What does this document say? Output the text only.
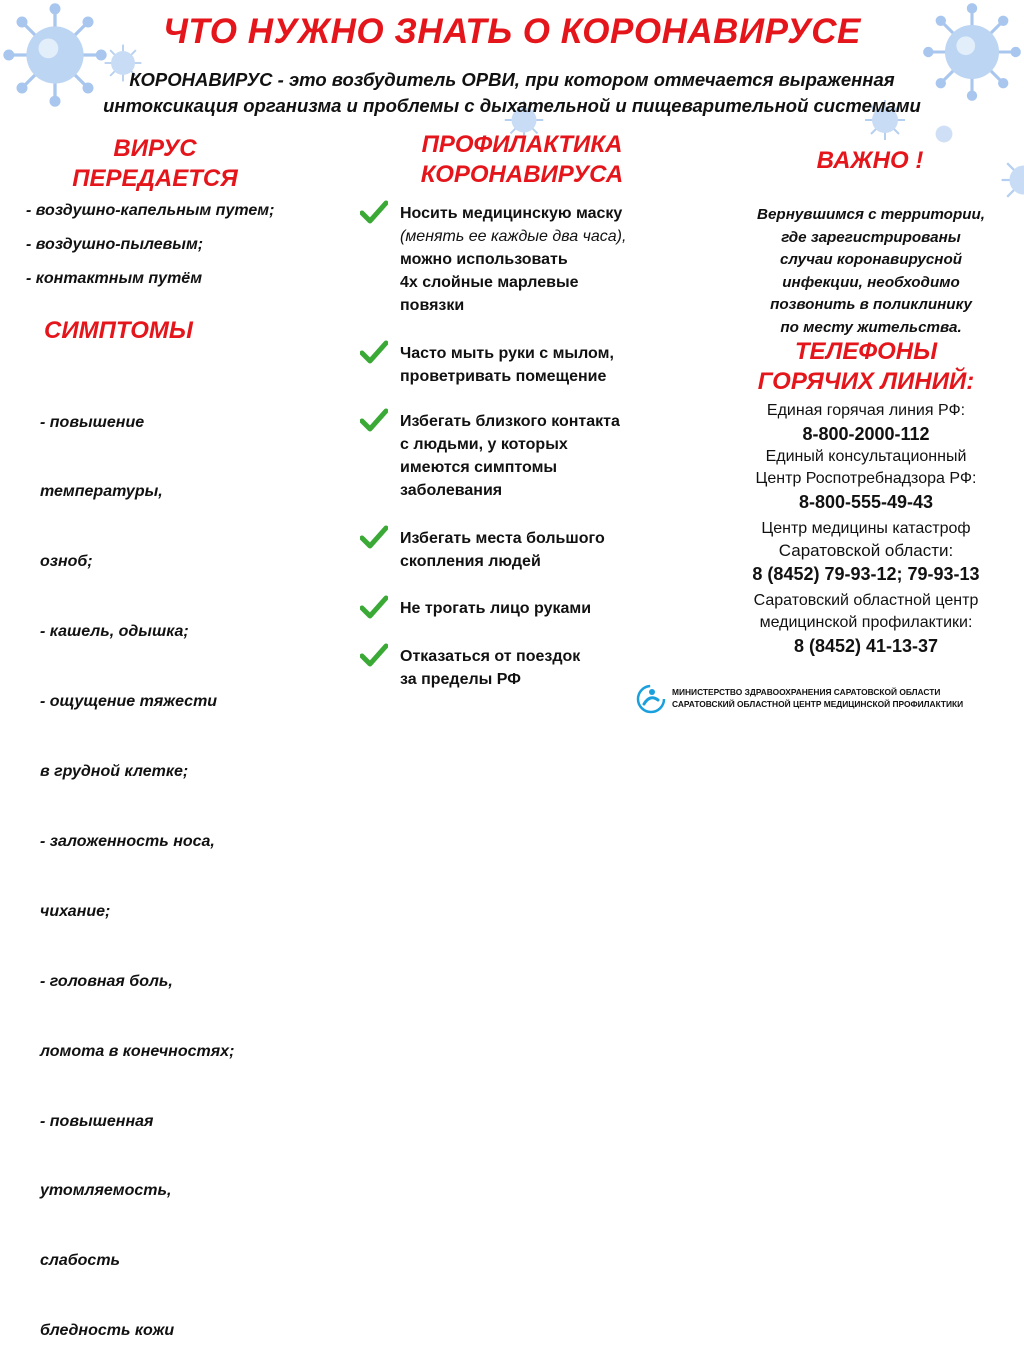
ЧТО НУЖНО ЗНАТЬ О КОРОНАВИРУСЕ
КОРОНАВИРУС - это возбудитель ОРВИ, при котором отмечается выраженная
интоксикация организма и проблемы с дыхательной и пищеварительной системами
ВИРУС
ПЕРЕДАЕТСЯ
- воздушно-капельным путем;
- воздушно-пылевым;
- контактным путём
СИМПТОМЫ

- повышение

температуры,

озноб;

- кашель, одышка;

- ощущение тяжести

в грудной клетке;

- заложенность носа,

чихание;

- головная боль,

ломота в конечностях;

- повышенная

утомляемость,

слабость

бледность кожи

ПРОФИЛАКТИКА
КОРОНАВИРУСА
Носить медицинскую маску
(менять ее каждые два часа),
можно использовать
4х слойные марлевые
повязки
Часто мыть руки с мылом,
проветривать помещение
Избегать близкого контакта
с людьми, у которых
имеются симптомы
заболевания
Избегать места большого
скопления людей
Не трогать лицо руками
Отказаться от поездок
за пределы РФ
ВАЖНО !
Вернувшимся с территории,
где зарегистрированы
случаи коронавирусной
инфекции, необходимо
позвонить в поликлинику
по месту жительства.
ТЕЛЕФОНЫ
ГОРЯЧИХ ЛИНИЙ:
Единая горячая линия РФ:
8-800-2000-112
Единый консультационный
Центр Роспотребнадзора РФ:
8-800-555-49-43
Центр медицины катастроф
Саратовской области:
8 (8452) 79-93-12; 79-93-13
Саратовский областной центр
медицинской профилактики:
8 (8452) 41-13-37
МИНИСТЕРСТВО ЗДРАВООХРАНЕНИЯ САРАТОВСКОЙ ОБЛАСТИ
САРАТОВСКИЙ ОБЛАСТНОЙ ЦЕНТР МЕДИЦИНСКОЙ ПРОФИЛАКТИКИ
